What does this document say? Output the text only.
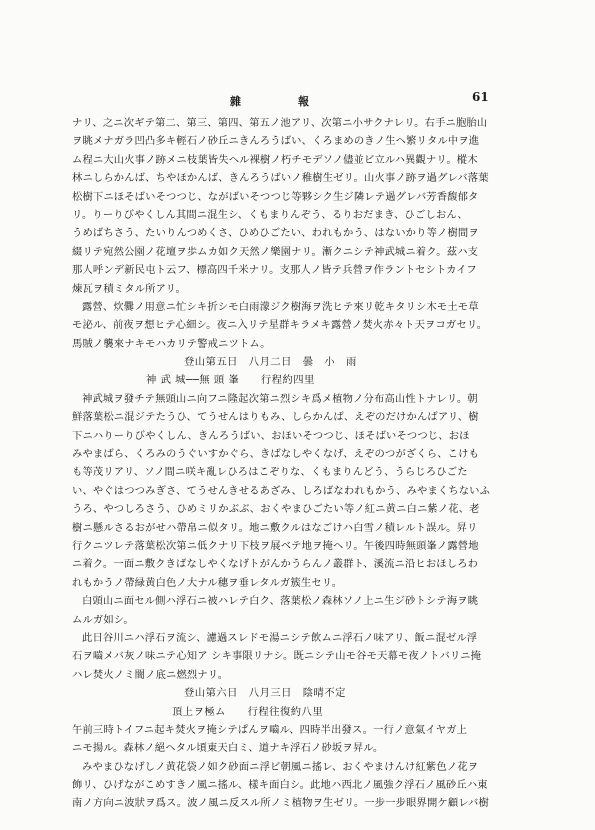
雜	報	61
ナリ、之ニ次ギテ第二、第三、第四、第五ノ池アリ、次第ニ小サクナレリ。右手ニ胞胎山
ヲ眺メナガラ凹凸多キ輕石ノ砂丘ニきんろうばい、くろまめのきノ生ヘ繁リタル中ヲ進
ム程ニ大山火事ノ跡メニ枝葉皆失ヘル裸樹ノ朽チモデソノ儘並ビ立ルハ異觀ナリ。樅木
林ニしらかんば、ちやほかんば、きんろうばいノ稚樹生ゼリ。山火事ノ跡ヲ過グレバ落葉
松樹下ニほそばいそつつじ、ながばいそつつじ等夥シク生ジ隣レテ過グレバ芳香馥郁タ
リ。りーりびやくしん其間ニ混生シ、くもまりんぞう、るりおだまき、ひごしおん、
うめばちさう、たいりんつめくさ、ひめひごたい、われもかう、はないかり等ノ樹間ヲ
綴リテ宛然公園ノ花壇ヲ歩ムカ如ク天然ノ樂園ナリ。漸クニシテ神武城ニ着ク。茲ハ支
那人呼ンデ新民屯ト云フ、標高四千米ナリ。支那人ノ皆テ兵營ヲ作ラントセシトカイフ
煉瓦ヲ積ミタル所アリ。
露營、炊爨ノ用意ニ忙シキ折シモ白雨濛ジク樹海ヲ洗ヒテ來リ乾キタリシ木モ土モ草
モ泌ル、前夜ヲ想ヒテ心細シ。夜ニ入リテ星群キラメキ露營ノ焚火赤々ト天ヲコガセリ。
馬賊ノ襲來ナキモハカリテ警戒ニツトム。
登山第五日　八月二日　曇　小　雨
神 武 城──無 頭 峯　　行程約四里
神武城ヲ發チテ無頭山ニ向フニ隆起次第ニ烈シキ爲メ植物ノ分布高山性トナレリ。朝
鮮落葉松ニ混ジテたうひ、てうせんはりもみ、しらかんば、えぞのだけかんばアリ、樹
下ニハりーりびやくしん、きんろうばい、おほいそつつじ、ほそばいそつつじ、おほ
みやまばら、くろみのうぐいすかぐら、きばなしやくなげ、えぞのつがざくら、こけも
も等茂リアリ、ソノ間ニ咲キ亂レひろはこぞりな、くもまりんどう、うらじろひごた
い、やぐはつつみぎさ、てうせんきせるあざみ、しろばなわれもかう、みやまくちないふ
うろ、やつしろさう、ひめミリかぶぶ、おくやまひごたい等ノ紅ニ黄ニ白ニ紫ノ花、老
樹ニ懸ルさるおがせハ帶帛ニ似タリ。地ニ敷クルはなごけハ白雪ノ積レルト誤ル。昇リ
行クニツレテ落葉松次第ニ低クナリ下枝ヲ展ベテ地ヲ掩ヘリ。午後四時無頭峯ノ露營地
ニ着ク。一面ニ敷クきばなしやくなげトがんかうらんノ叢群ト、溪流ニ沿ヒおほしろわ
れもかうノ帶緑黄白色ノ大ナル穗ヲ垂レタルガ簇生セリ。
白頭山ニ面セル側ハ浮石ニ被ハレテ白ク、落葉松ノ森林ソノ上ニ生ジ砂トシテ海ヲ眺
ムルガ如シ。
此日谷川ニハ浮石ヲ流シ、濾過スレドモ湯ニシテ飲ムニ浮石ノ味アリ、飯ニ混ゼル浮
石ヲ嚙メバ灰ノ味ニテ心知ア シキ事限リナシ。既ニシテ山モ谷モ天幕モ夜ノトバリニ掩
ハレ焚火ノミ闇ノ底ニ燃烈ナリ。
登山第六日　八月三日　陰晴不定
頂上ヲ極ム　　行程往復約八里
午前三時トイフニ起キ焚火ヲ掩シテぱんヲ嚙ル、四時半出發ス。一行ノ意氣イヤガ上
ニモ揚ル。森林ノ絕ヘタル頃東天白ミ、道ナキ浮石ノ砂坂ヲ昇ル。
みやまひなげしノ黄花袋ノ如ク砂面ニ浮ビ朝風ニ搖レ、おくやまけんけ紅紫色ノ花ヲ
飾リ、ひげながこめすきノ風ニ搖ル、樣キ面白シ。此地ハ西北ノ風強ク浮石ノ風砂丘ハ東
南ノ方向ニ波狀ヲ爲ス。波ノ風ニ反スル所ノミ植物ヲ生ゼリ。一步一步眼界開ケ顧レバ樹
